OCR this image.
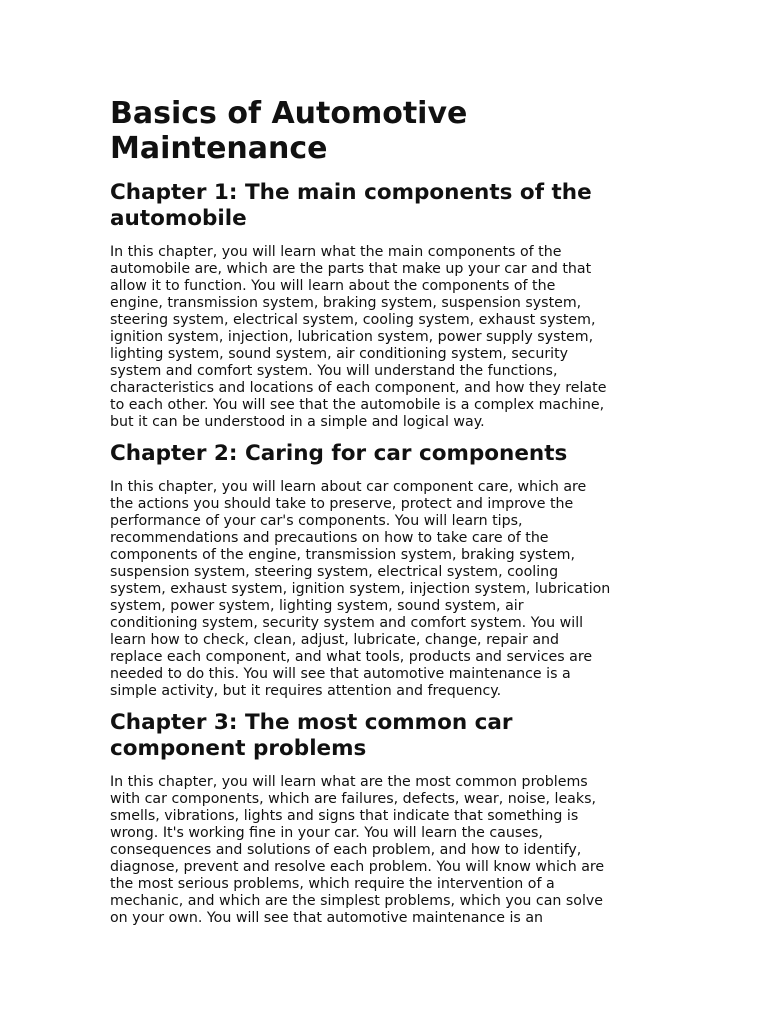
Basics of Automotive
Maintenance
Chapter 1: The main components of the
automobile

In this chapter, you will learn what the main components of the
automobile are, which are the parts that make up your car and that
allow it to function. You will learn about the components of the
engine, transmission system, braking system, suspension system,
steering system, electrical system, cooling system, exhaust system,
ignition system, injection, lubrication system, power supply system,
lighting system, sound system, air conditioning system, security
system and comfort system. You will understand the functions,
characteristics and locations of each component, and how they relate
to each other. You will see that the automobile is a complex machine,
but it can be understood in a simple and logical way.

Chapter 2: Caring for car components

In this chapter, you will learn about car component care, which are
the actions you should take to preserve, protect and improve the
performance of your car's components. You will learn tips,
recommendations and precautions on how to take care of the
components of the engine, transmission system, braking system,
suspension system, steering system, electrical system, cooling
system, exhaust system, ignition system, injection system, lubrication
system, power system, lighting system, sound system, air
conditioning system, security system and comfort system. You will
learn how to check, clean, adjust, lubricate, change, repair and
replace each component, and what tools, products and services are
needed to do this. You will see that automotive maintenance is a
simple activity, but it requires attention and frequency.

Chapter 3: The most common car
component problems

In this chapter, you will learn what are the most common problems
with car components, which are failures, defects, wear, noise, leaks,
smells, vibrations, lights and signs that indicate that something is
wrong. It's working fine in your car. You will learn the causes,
consequences and solutions of each problem, and how to identify,
diagnose, prevent and resolve each problem. You will know which are
the most serious problems, which require the intervention of a
mechanic, and which are the simplest problems, which you can solve
on your own. You will see that automotive maintenance is an
